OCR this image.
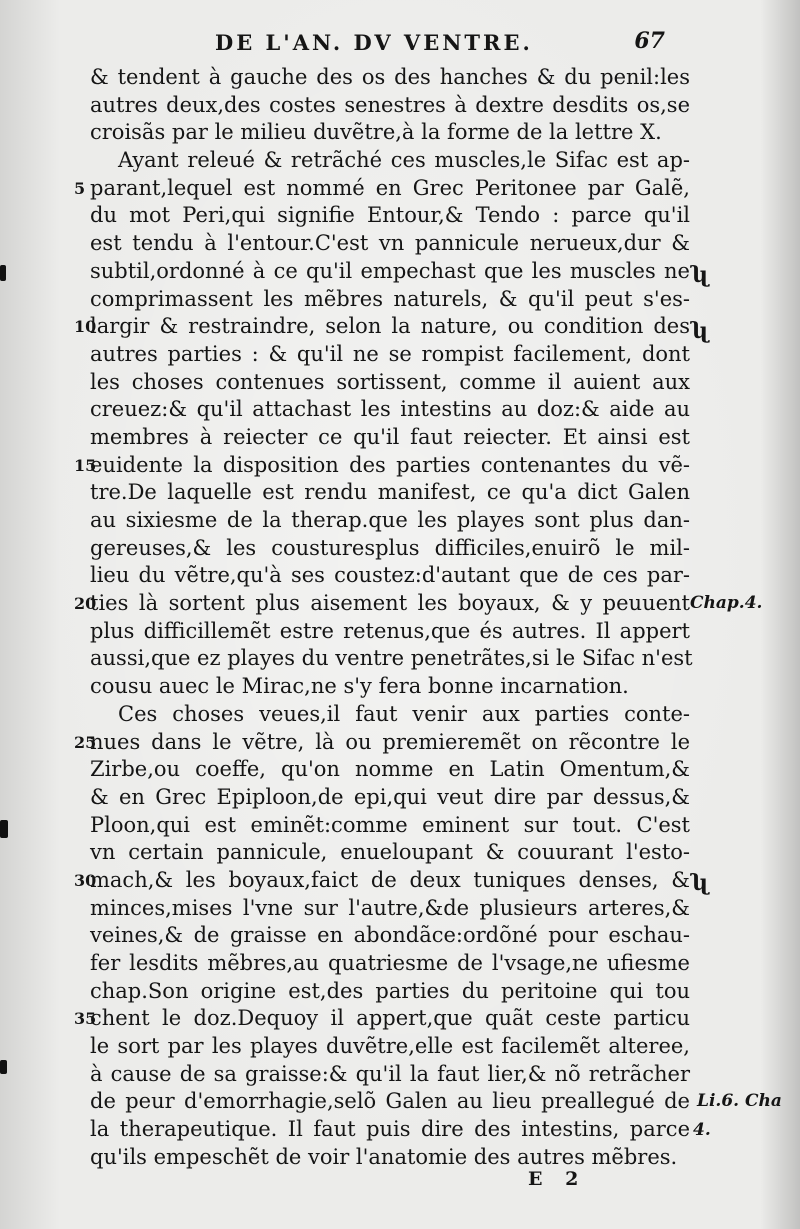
DE L'AN. DV VENTRE.	67
& tendent à gauche des os des hanches & du penil:les
autres deux,des costes senestres à dextre desdits os,se
croisãs par le milieu duvẽtre,à la forme de la lettre X.
Ayant releué & retrãché ces muscles,le Sifac est ap-
5 parant,lequel est nommé en Grec Peritonee par Galẽ,
du mot Peri,qui signifie Entour,& Tendo : parce qu'il
est tendu à l'entour.C'est vn pannicule nerueux,dur &
subtil,ordonné à ce qu'il empechast que les muscles ne
comprimassent les mẽbres naturels, & qu'il peut s'es-
10
largir & restraindre, selon la nature, ou condition des
autres parties : & qu'il ne se rompist facilement, dont
les choses contenues sortissent, comme il auient aux
creuez:& qu'il attachast les intestins au doz:& aide au
membres à reiecter ce qu'il faut reiecter. Et ainsi est
15
euidente la disposition des parties contenantes du vẽ-
tre.De laquelle est rendu manifest, ce qu'a dict Galen
au sixiesme de la therap.que les playes sont plus dan-
gereuses,& les cousturesplus difficiles,enuirõ le mil-
lieu du vẽtre,qu'à ses coustez:d'autant que de ces par-
20
ties là sortent plus aisement les boyaux, & y peuuent
plus difficillemẽt estre retenus,que és autres. Il appert
aussi,que ez playes du ventre penetrãtes,si le Sifac n'est
cousu auec le Mirac,ne s'y fera bonne incarnation.
Ces choses veues,il faut venir aux parties conte-
25
nues dans le vẽtre, là ou premieremẽt on rẽcontre le
Zirbe,ou coeffe, qu'on nomme en Latin Omentum,&
& en Grec Epiploon,de epi,qui veut dire par dessus,&
Ploon,qui est eminẽt:comme eminent sur tout. C'est
vn certain pannicule, enueloupant & couurant l'esto-
30
mach,& les boyaux,faict de deux tuniques denses, &
minces,mises l'vne sur l'autre,&de plusieurs arteres,&
veines,& de graisse en abondãce:ordõné pour eschau-
fer lesdits mẽbres,au quatriesme de l'vsage,ne ufiesme
chap.Son origine est,des parties du peritoine qui tou
35
chent le doz.Dequoy il appert,que quãt ceste particu
le sort par les playes duvẽtre,elle est facilemẽt alteree,
à cause de sa graisse:& qu'il la faut lier,& nõ retrãcher
de peur d'emorrhagie,selõ Galen au lieu preallegué de
la therapeutique. Il faut puis dire des intestins, parce
qu'ils empeschẽt de voir l'anatomie des autres mẽbres.
ʯ
ʯ
ʯ
Chap.4.
Li.6. Cha
4.
E 2
